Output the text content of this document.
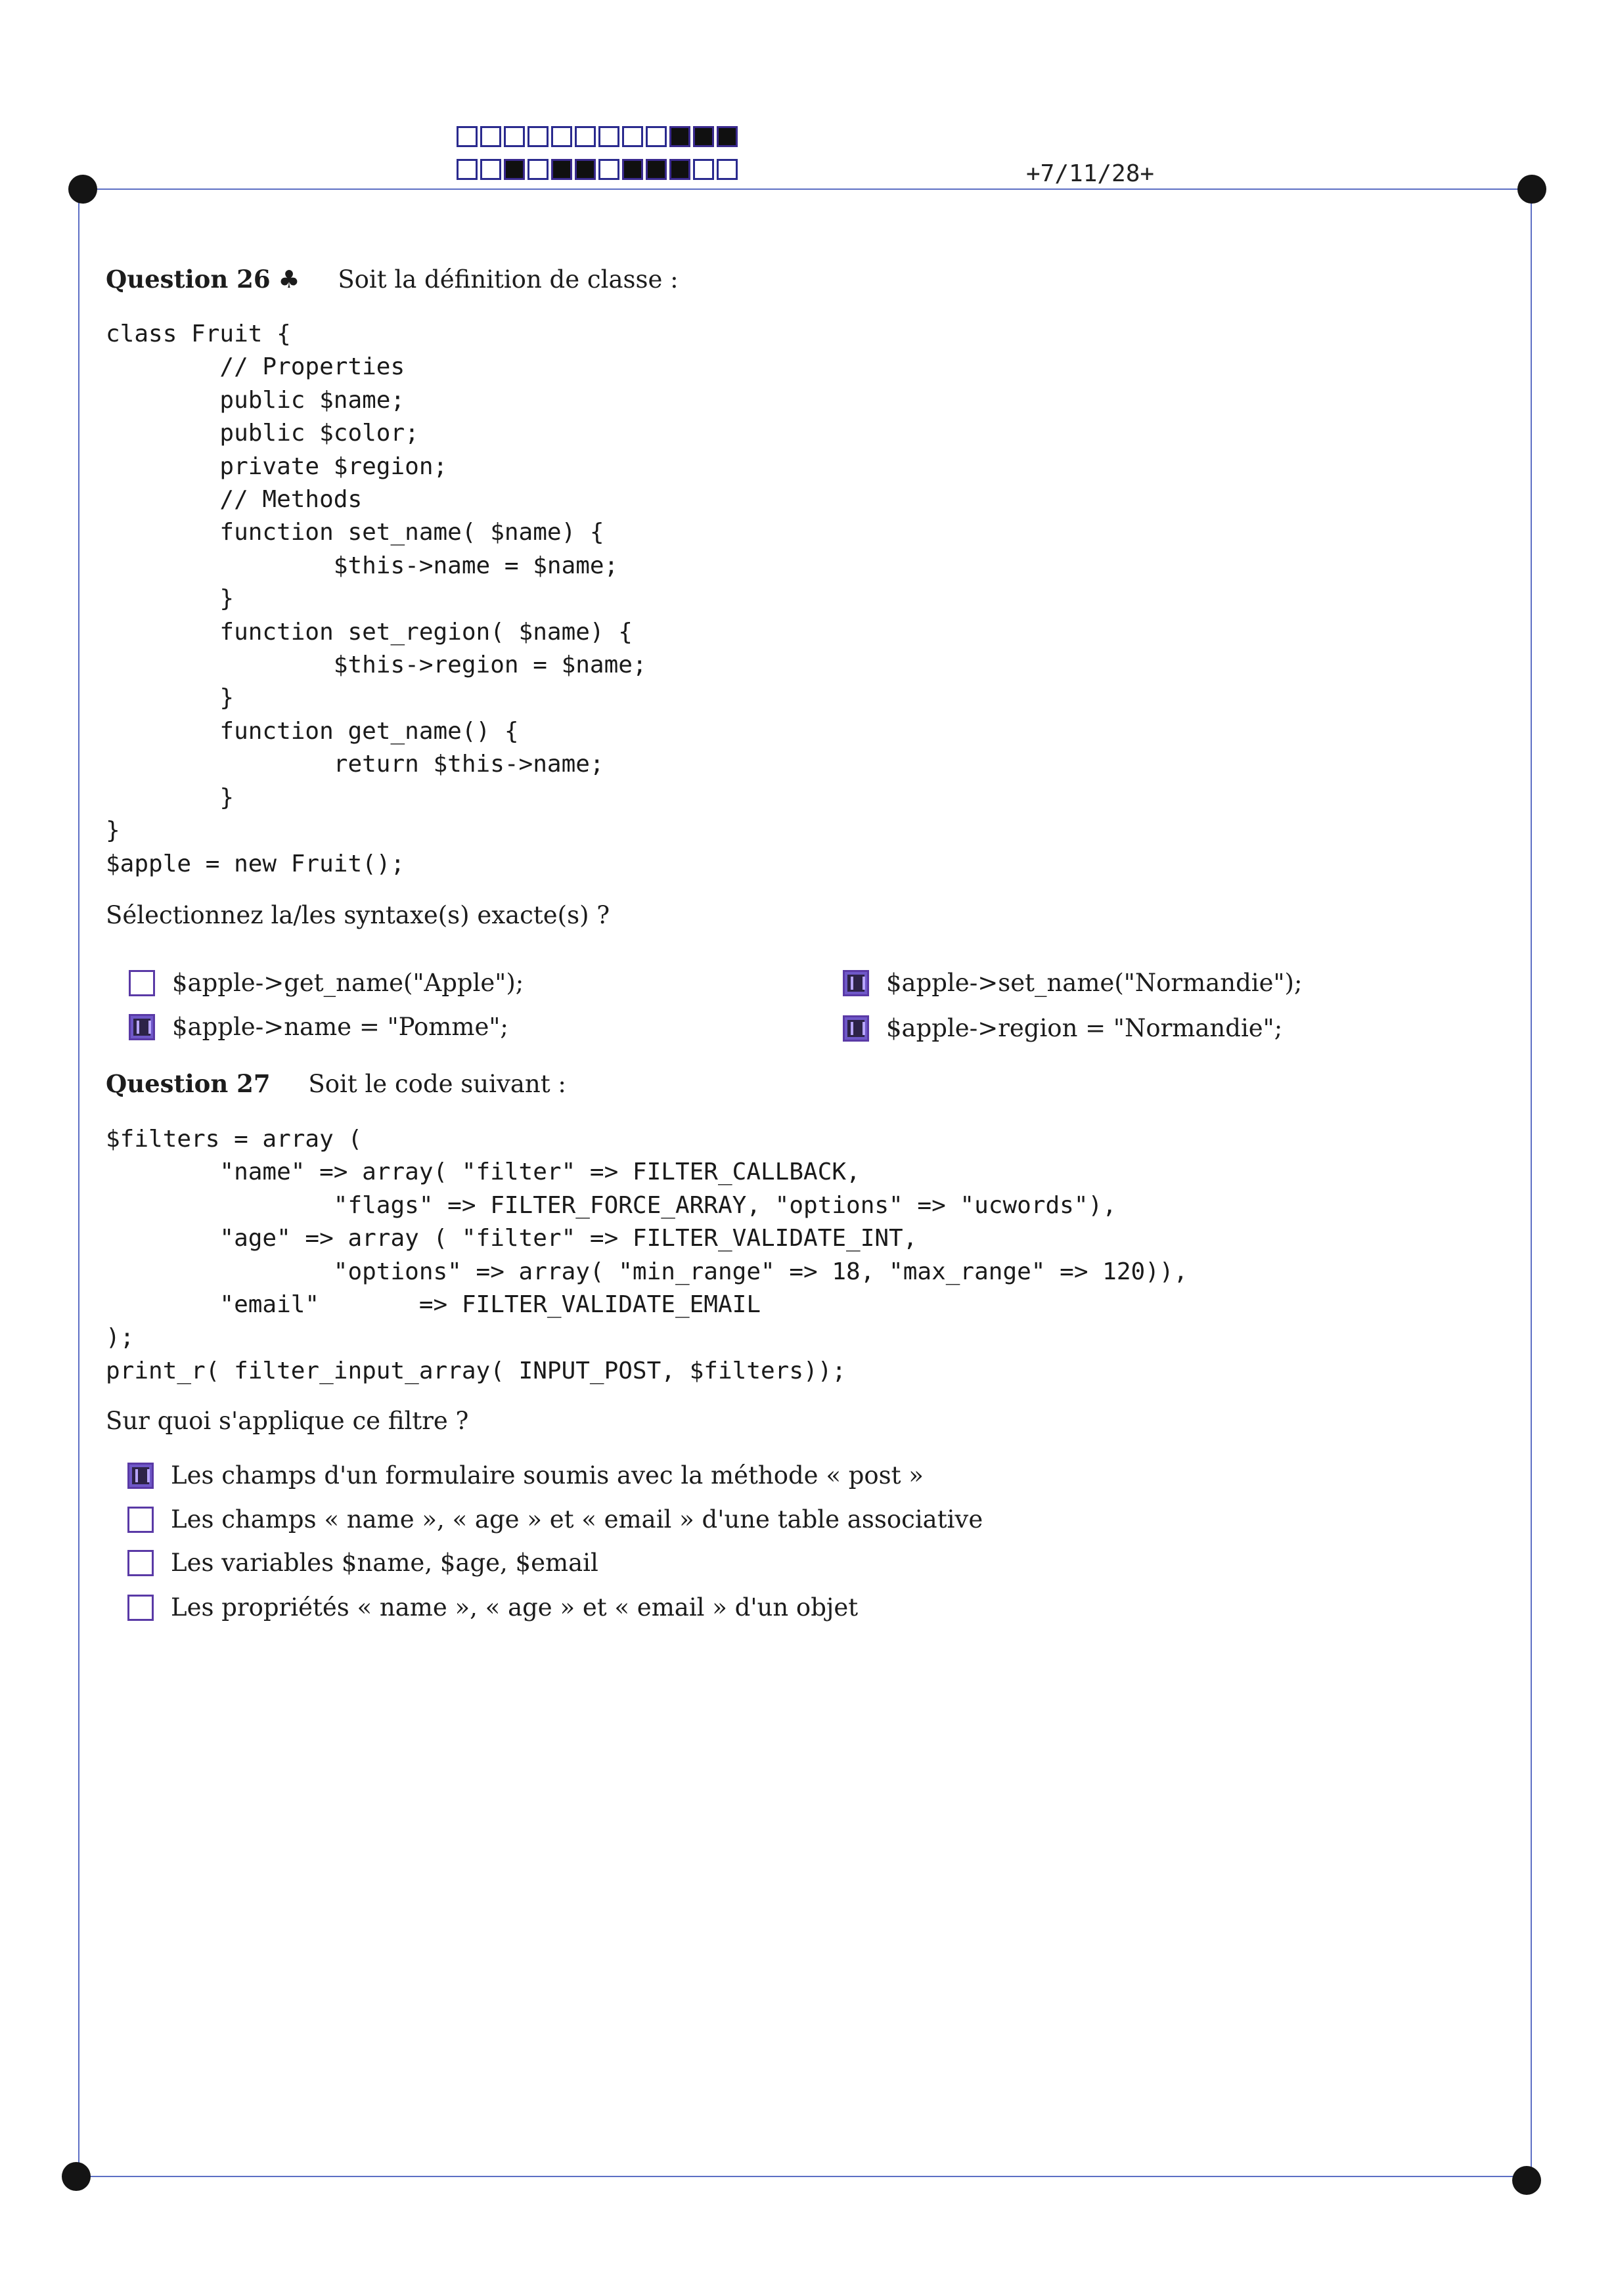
+7/11/28+
Question 26 ♣ Soit la définition de classe :
class Fruit {
// Properties
public $name;
public $color;
private $region;
// Methods
function set_name( $name) {
$this->name = $name;
}
function set_region( $name) {
$this->region = $name;
}
function get_name() {
return $this->name;
}
}
$apple = new Fruit();
Sélectionnez la/les syntaxe(s) exacte(s) ?
$apple->get_name("Apple");
$apple->name = "Pomme";
$apple->set_name("Normandie");
$apple->region = "Normandie";
Question 27 Soit le code suivant :
$filters = array (
"name" => array( "filter" => FILTER_CALLBACK,
"flags" => FILTER_FORCE_ARRAY, "options" => "ucwords"),
"age" => array ( "filter" => FILTER_VALIDATE_INT,
"options" => array( "min_range" => 18, "max_range" => 120)),
"email"       => FILTER_VALIDATE_EMAIL
);
print_r( filter_input_array( INPUT_POST, $filters));
Sur quoi s'applique ce filtre ?
Les champs d'un formulaire soumis avec la méthode « post »
Les champs « name », « age » et « email » d'une table associative
Les variables $name, $age, $email
Les propriétés « name », « age » et « email » d'un objet
